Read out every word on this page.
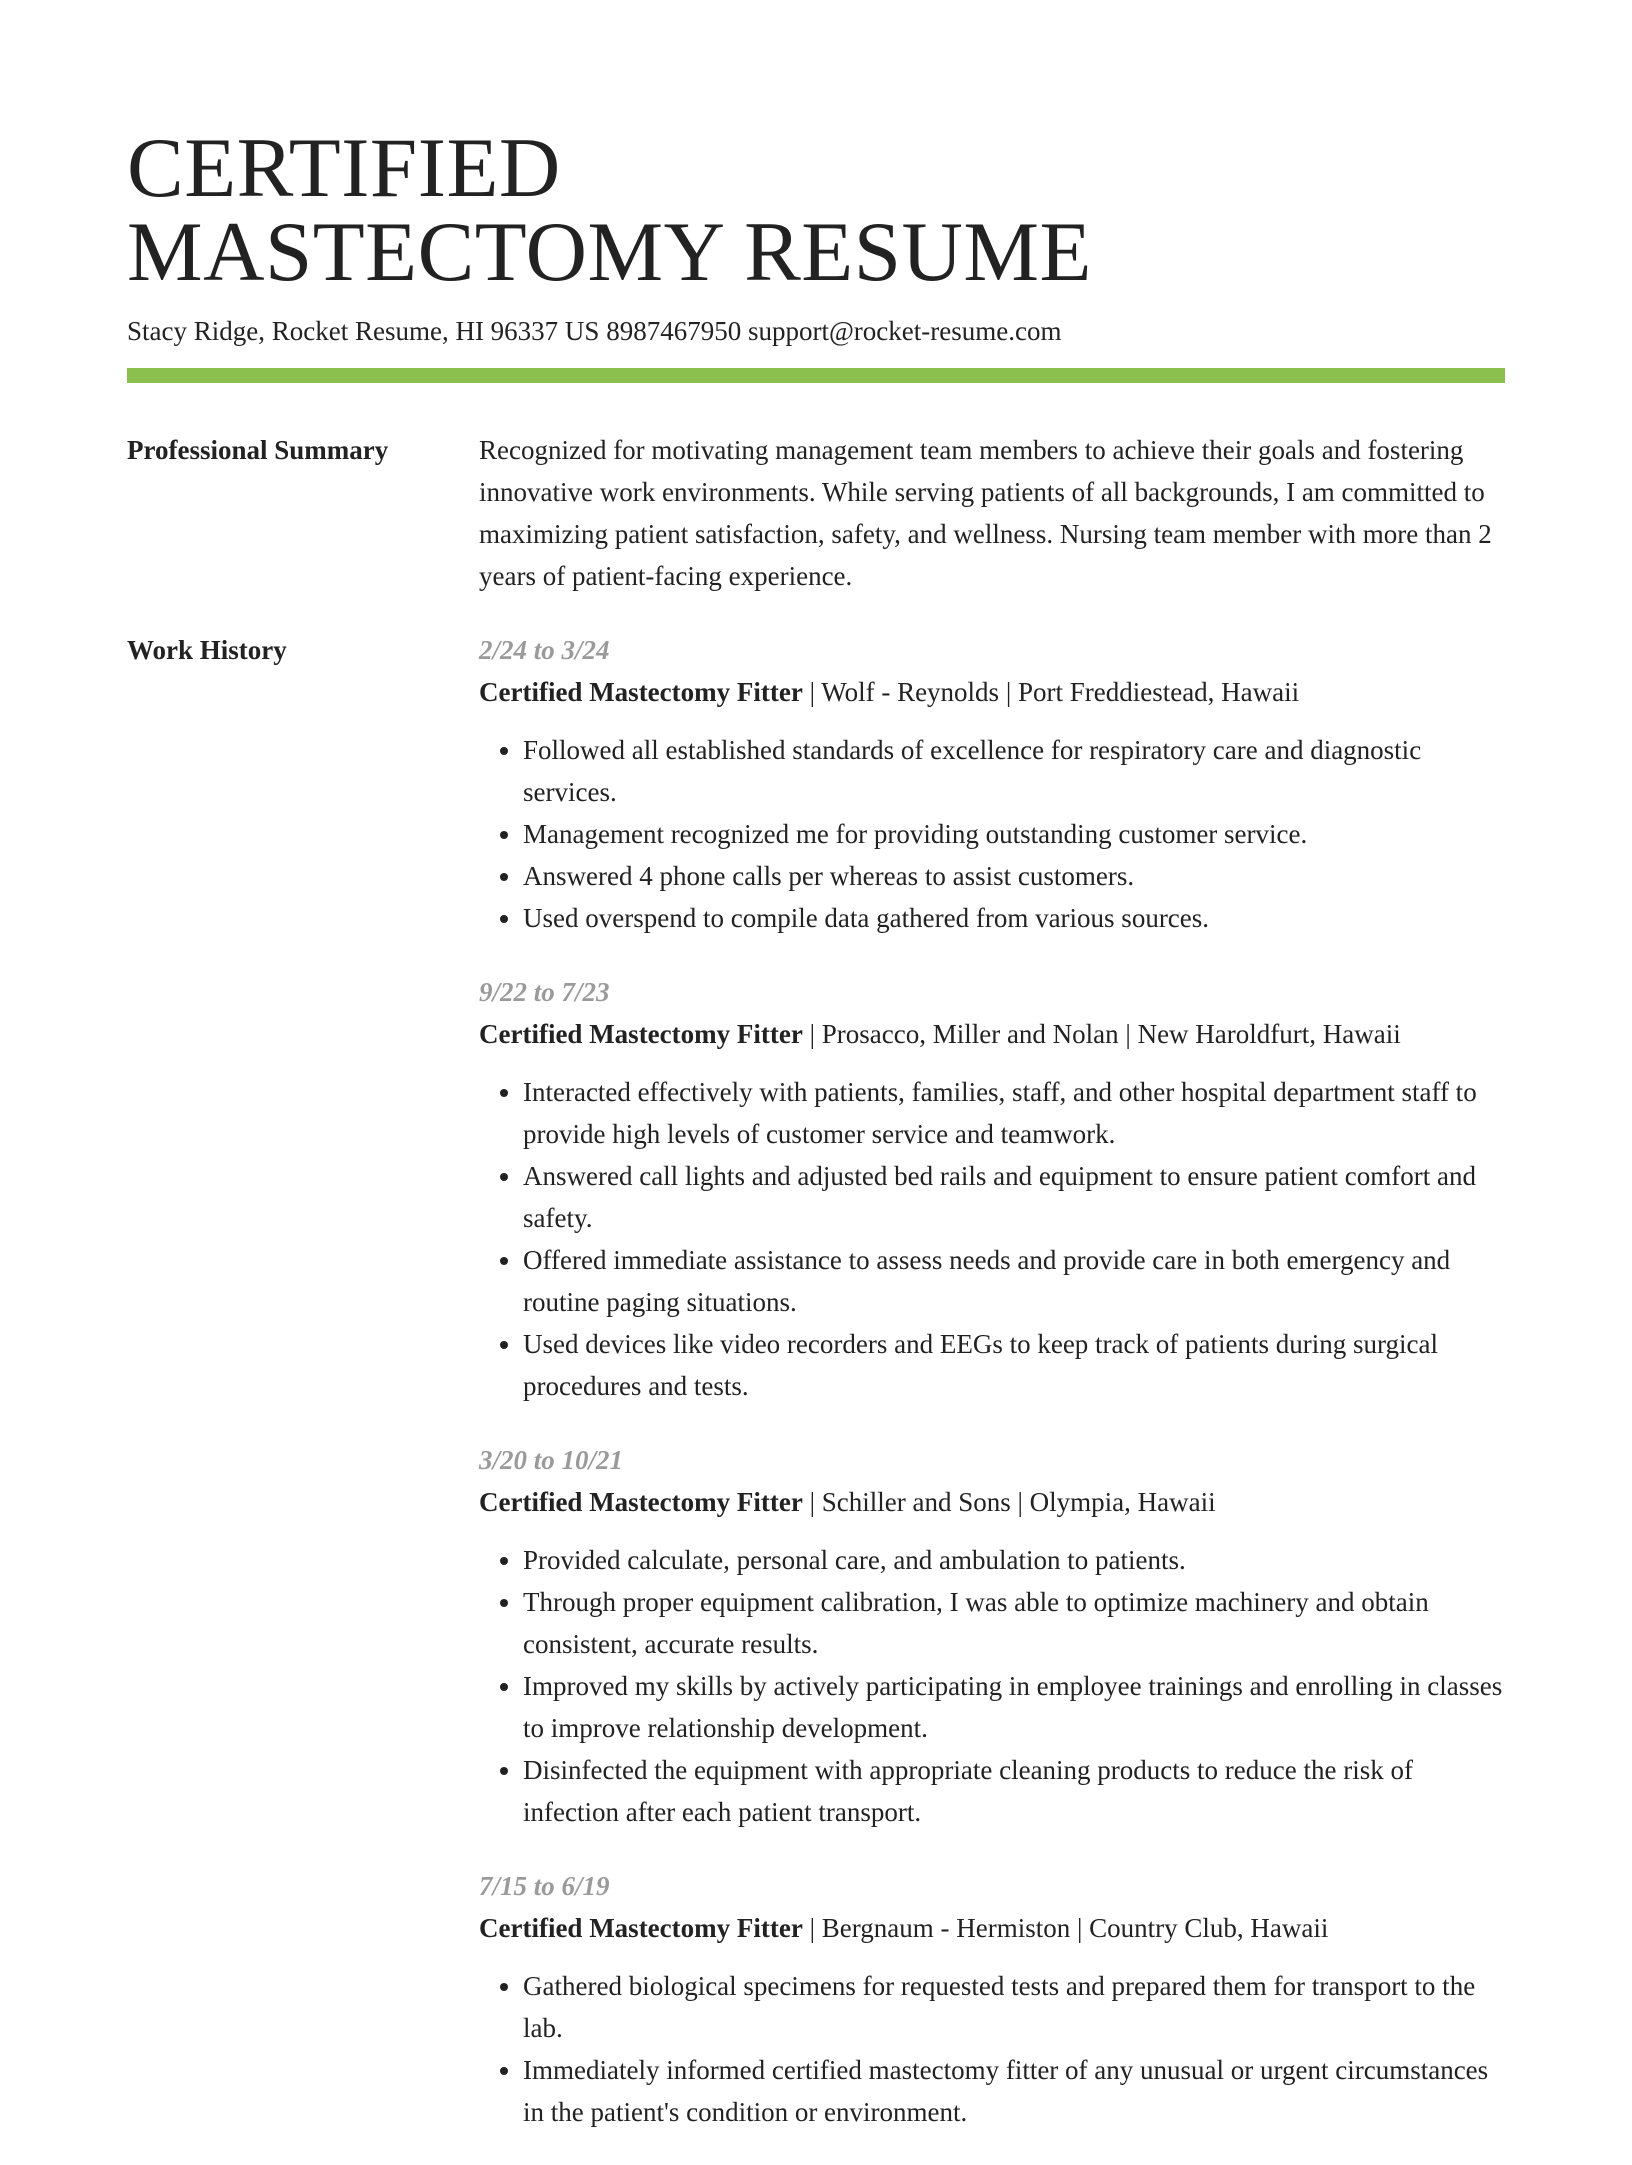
CERTIFIED
MASTECTOMY RESUME
Stacy Ridge, Rocket Resume, HI 96337 US 8987467950 support@rocket-resume.com
Professional Summary	Recognized for motivating management team members to achieve their goals and fostering innovative work environments. While serving patients of all backgrounds, I am committed to maximizing patient satisfaction, safety, and wellness. Nursing team member with more than 2 years of patient-facing experience.
Work History	2/24 to 3/24
Certified Mastectomy Fitter | Wolf - Reynolds | Port Freddiestead, Hawaii
• Followed all established standards of excellence for respiratory care and diagnostic services.
• Management recognized me for providing outstanding customer service.
• Answered 4 phone calls per whereas to assist customers.
• Used overspend to compile data gathered from various sources.
9/22 to 7/23
Certified Mastectomy Fitter | Prosacco, Miller and Nolan | New Haroldfurt, Hawaii
• Interacted effectively with patients, families, staff, and other hospital department staff to provide high levels of customer service and teamwork.
• Answered call lights and adjusted bed rails and equipment to ensure patient comfort and safety.
• Offered immediate assistance to assess needs and provide care in both emergency and routine paging situations.
• Used devices like video recorders and EEGs to keep track of patients during surgical procedures and tests.
3/20 to 10/21
Certified Mastectomy Fitter | Schiller and Sons | Olympia, Hawaii
• Provided calculate, personal care, and ambulation to patients.
• Through proper equipment calibration, I was able to optimize machinery and obtain consistent, accurate results.
• Improved my skills by actively participating in employee trainings and enrolling in classes to improve relationship development.
• Disinfected the equipment with appropriate cleaning products to reduce the risk of infection after each patient transport.
7/15 to 6/19
Certified Mastectomy Fitter | Bergnaum - Hermiston | Country Club, Hawaii
• Gathered biological specimens for requested tests and prepared them for transport to the lab.
• Immediately informed certified mastectomy fitter of any unusual or urgent circumstances in the patient's condition or environment.
